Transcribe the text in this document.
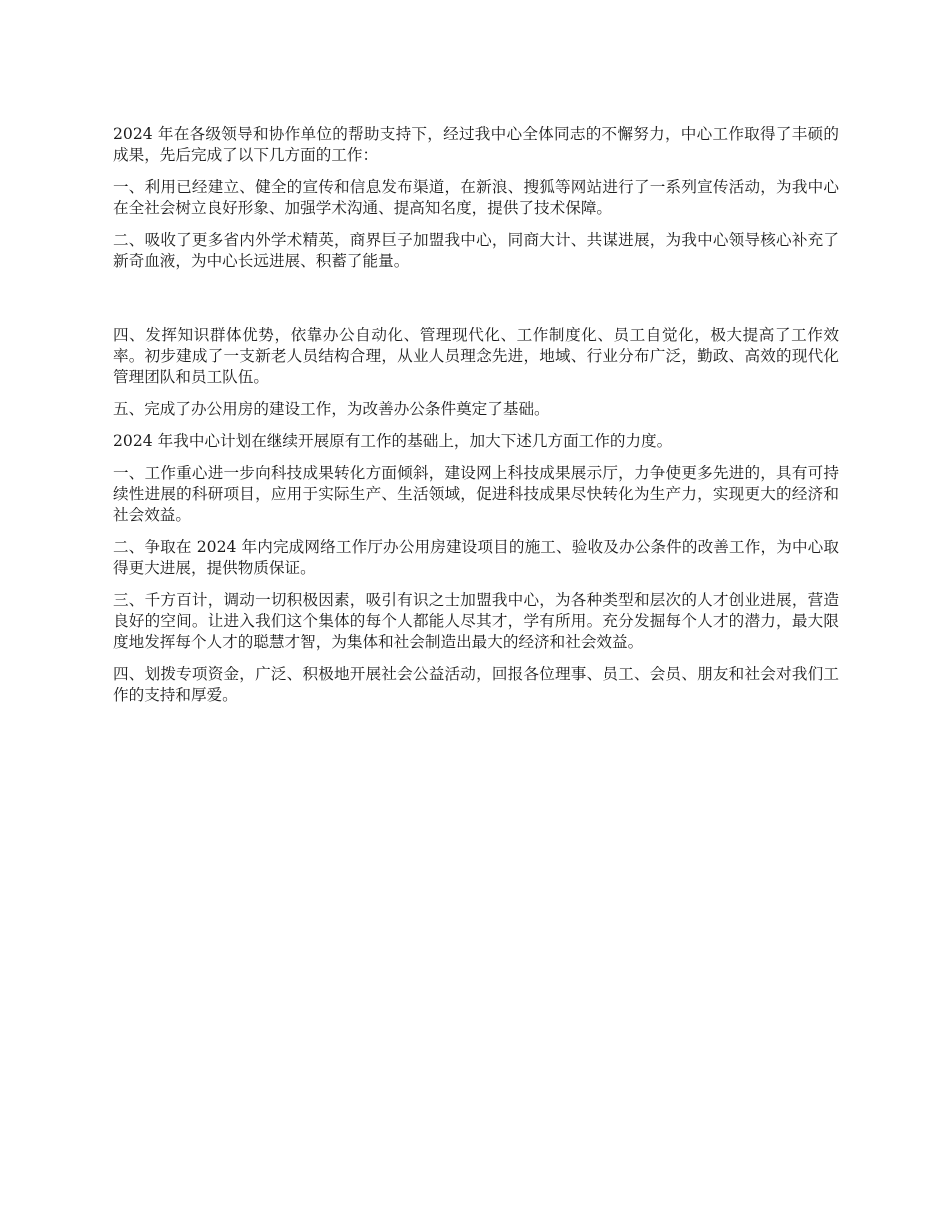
2024 年在各级领导和协作单位的帮助支持下，经过我中心全体同志的不懈努力，中心工作取得了丰硕的成果，先后完成了以下几方面的工作：

一、利用已经建立、健全的宣传和信息发布渠道，在新浪、搜狐等网站进行了一系列宣传活动，为我中心在全社会树立良好形象、加强学术沟通、提高知名度，提供了技术保障。

二、吸收了更多省内外学术精英，商界巨子加盟我中心，同商大计、共谋进展，为我中心领导核心补充了新奇血液，为中心长远进展、积蓄了能量。

四、发挥知识群体优势，依靠办公自动化、管理现代化、工作制度化、员工自觉化，极大提高了工作效率。初步建成了一支新老人员结构合理，从业人员理念先进，地域、行业分布广泛，勤政、高效的现代化管理团队和员工队伍。

五、完成了办公用房的建设工作，为改善办公条件奠定了基础。

2024 年我中心计划在继续开展原有工作的基础上，加大下述几方面工作的力度。

一、工作重心进一步向科技成果转化方面倾斜，建设网上科技成果展示厅，力争使更多先进的，具有可持续性进展的科研项目，应用于实际生产、生活领域，促进科技成果尽快转化为生产力，实现更大的经济和社会效益。

二、争取在 2024 年内完成网络工作厅办公用房建设项目的施工、验收及办公条件的改善工作，为中心取得更大进展，提供物质保证。

三、千方百计，调动一切积极因素，吸引有识之士加盟我中心，为各种类型和层次的人才创业进展，营造良好的空间。让进入我们这个集体的每个人都能人尽其才，学有所用。充分发掘每个人才的潜力，最大限度地发挥每个人才的聪慧才智，为集体和社会制造出最大的经济和社会效益。

四、划拨专项资金，广泛、积极地开展社会公益活动，回报各位理事、员工、会员、朋友和社会对我们工作的支持和厚爱。
